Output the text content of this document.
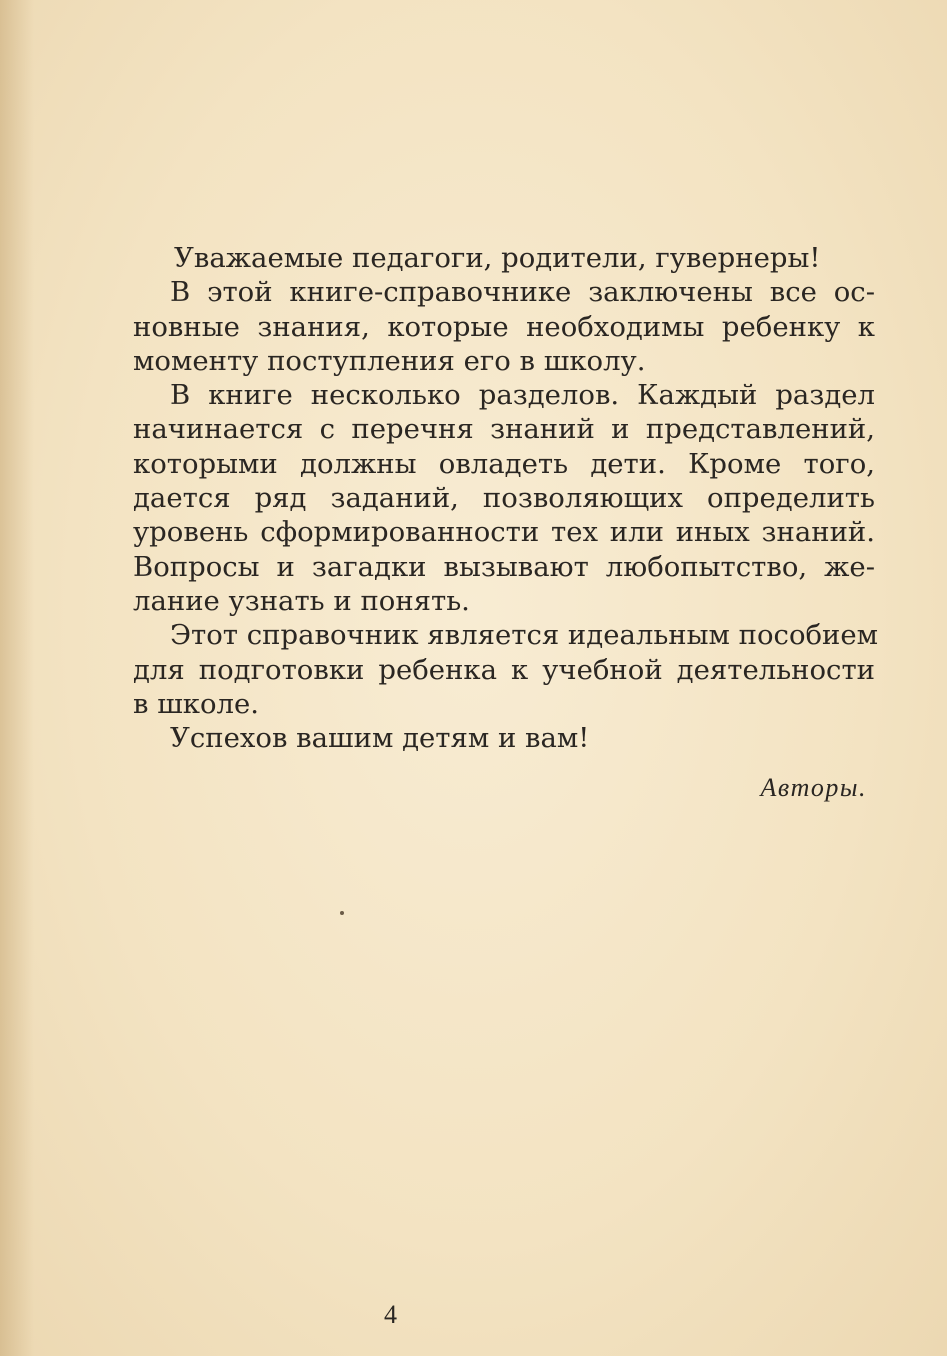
Уважаемые педагоги, родители, гувернеры!
В этой книге-справочнике заключены все ос-
новные знания, которые необходимы ребенку к
моменту поступления его в школу.
В книге несколько разделов. Каждый раздел
начинается с перечня знаний и представлений,
которыми должны овладеть дети. Кроме того,
дается ряд заданий, позволяющих определить
уровень сформированности тех или иных знаний.
Вопросы и загадки вызывают любопытство, же-
лание узнать и понять.
Этот справочник является идеальным пособием
для подготовки ребенка к учебной деятельности
в школе.
Успехов вашим детям и вам!
Авторы.
4
